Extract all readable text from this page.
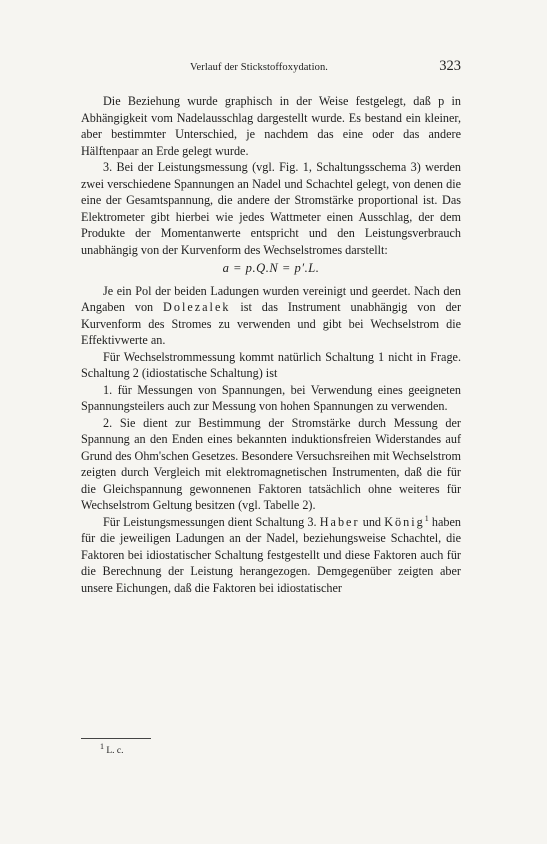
Verlauf der Stickstoffoxydation.	323

Die Beziehung wurde graphisch in der Weise festgelegt, daß p in Abhängigkeit vom Nadelausschlag dargestellt wurde. Es bestand ein kleiner, aber bestimmter Unterschied, je nachdem das eine oder das andere Hälftenpaar an Erde gelegt wurde.

3. Bei der Leistungsmessung (vgl. Fig. 1, Schaltungsschema 3) werden zwei verschiedene Spannungen an Nadel und Schachtel gelegt, von denen die eine der Gesamtspannung, die andere der Stromstärke proportional ist. Das Elektrometer gibt hierbei wie jedes Wattmeter einen Ausschlag, der dem Produkte der Momentanwerte entspricht und den Leistungsverbrauch unabhängig von der Kurvenform des Wechselstromes darstellt:

a = p.Q.N = p′.L.

Je ein Pol der beiden Ladungen wurden vereinigt und geerdet. Nach den Angaben von Dolezalek ist das Instrument unabhängig von der Kurvenform des Stromes zu verwenden und gibt bei Wechselstrom die Effektivwerte an.

Für Wechselstrommessung kommt natürlich Schaltung 1 nicht in Frage. Schaltung 2 (idiostatische Schaltung) ist

1. für Messungen von Spannungen, bei Verwendung eines geeigneten Spannungsteilers auch zur Messung von hohen Spannungen zu verwenden.

2. Sie dient zur Bestimmung der Stromstärke durch Messung der Spannung an den Enden eines bekannten induktionsfreien Widerstandes auf Grund des Ohm'schen Gesetzes. Besondere Versuchsreihen mit Wechselstrom zeigten durch Vergleich mit elektromagnetischen Instrumenten, daß die für die Gleichspannung gewonnenen Faktoren tatsächlich ohne weiteres für Wechselstrom Geltung besitzen (vgl. Tabelle 2).

Für Leistungsmessungen dient Schaltung 3. Haber und König$^1$ haben für die jeweiligen Ladungen an der Nadel, beziehungsweise Schachtel, die Faktoren bei idiostatischer Schaltung festgestellt und diese Faktoren auch für die Berechnung der Leistung herangezogen. Demgegenüber zeigten aber unsere Eichungen, daß die Faktoren bei idiostatischer

$^1$ L. c.
